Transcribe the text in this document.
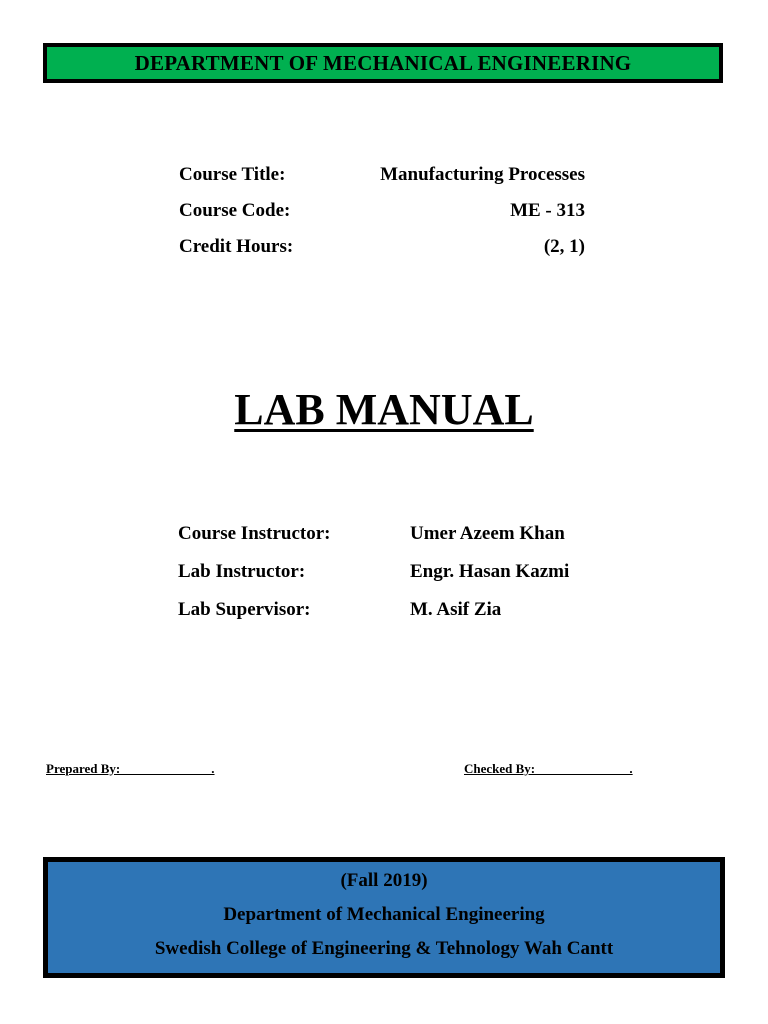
DEPARTMENT OF MECHANICAL ENGINEERING
Course Title:	Manufacturing Processes
Course Code:	ME - 313
Credit Hours:	(2, 1)
LAB MANUAL
Course Instructor:	Umer Azeem Khan
Lab Instructor:	Engr. Hasan Kazmi
Lab Supervisor:	M. Asif Zia
Prepared By:                            .	Checked By:                             .
(Fall 2019)
Department of Mechanical Engineering
Swedish College of Engineering & Tehnology Wah Cantt
